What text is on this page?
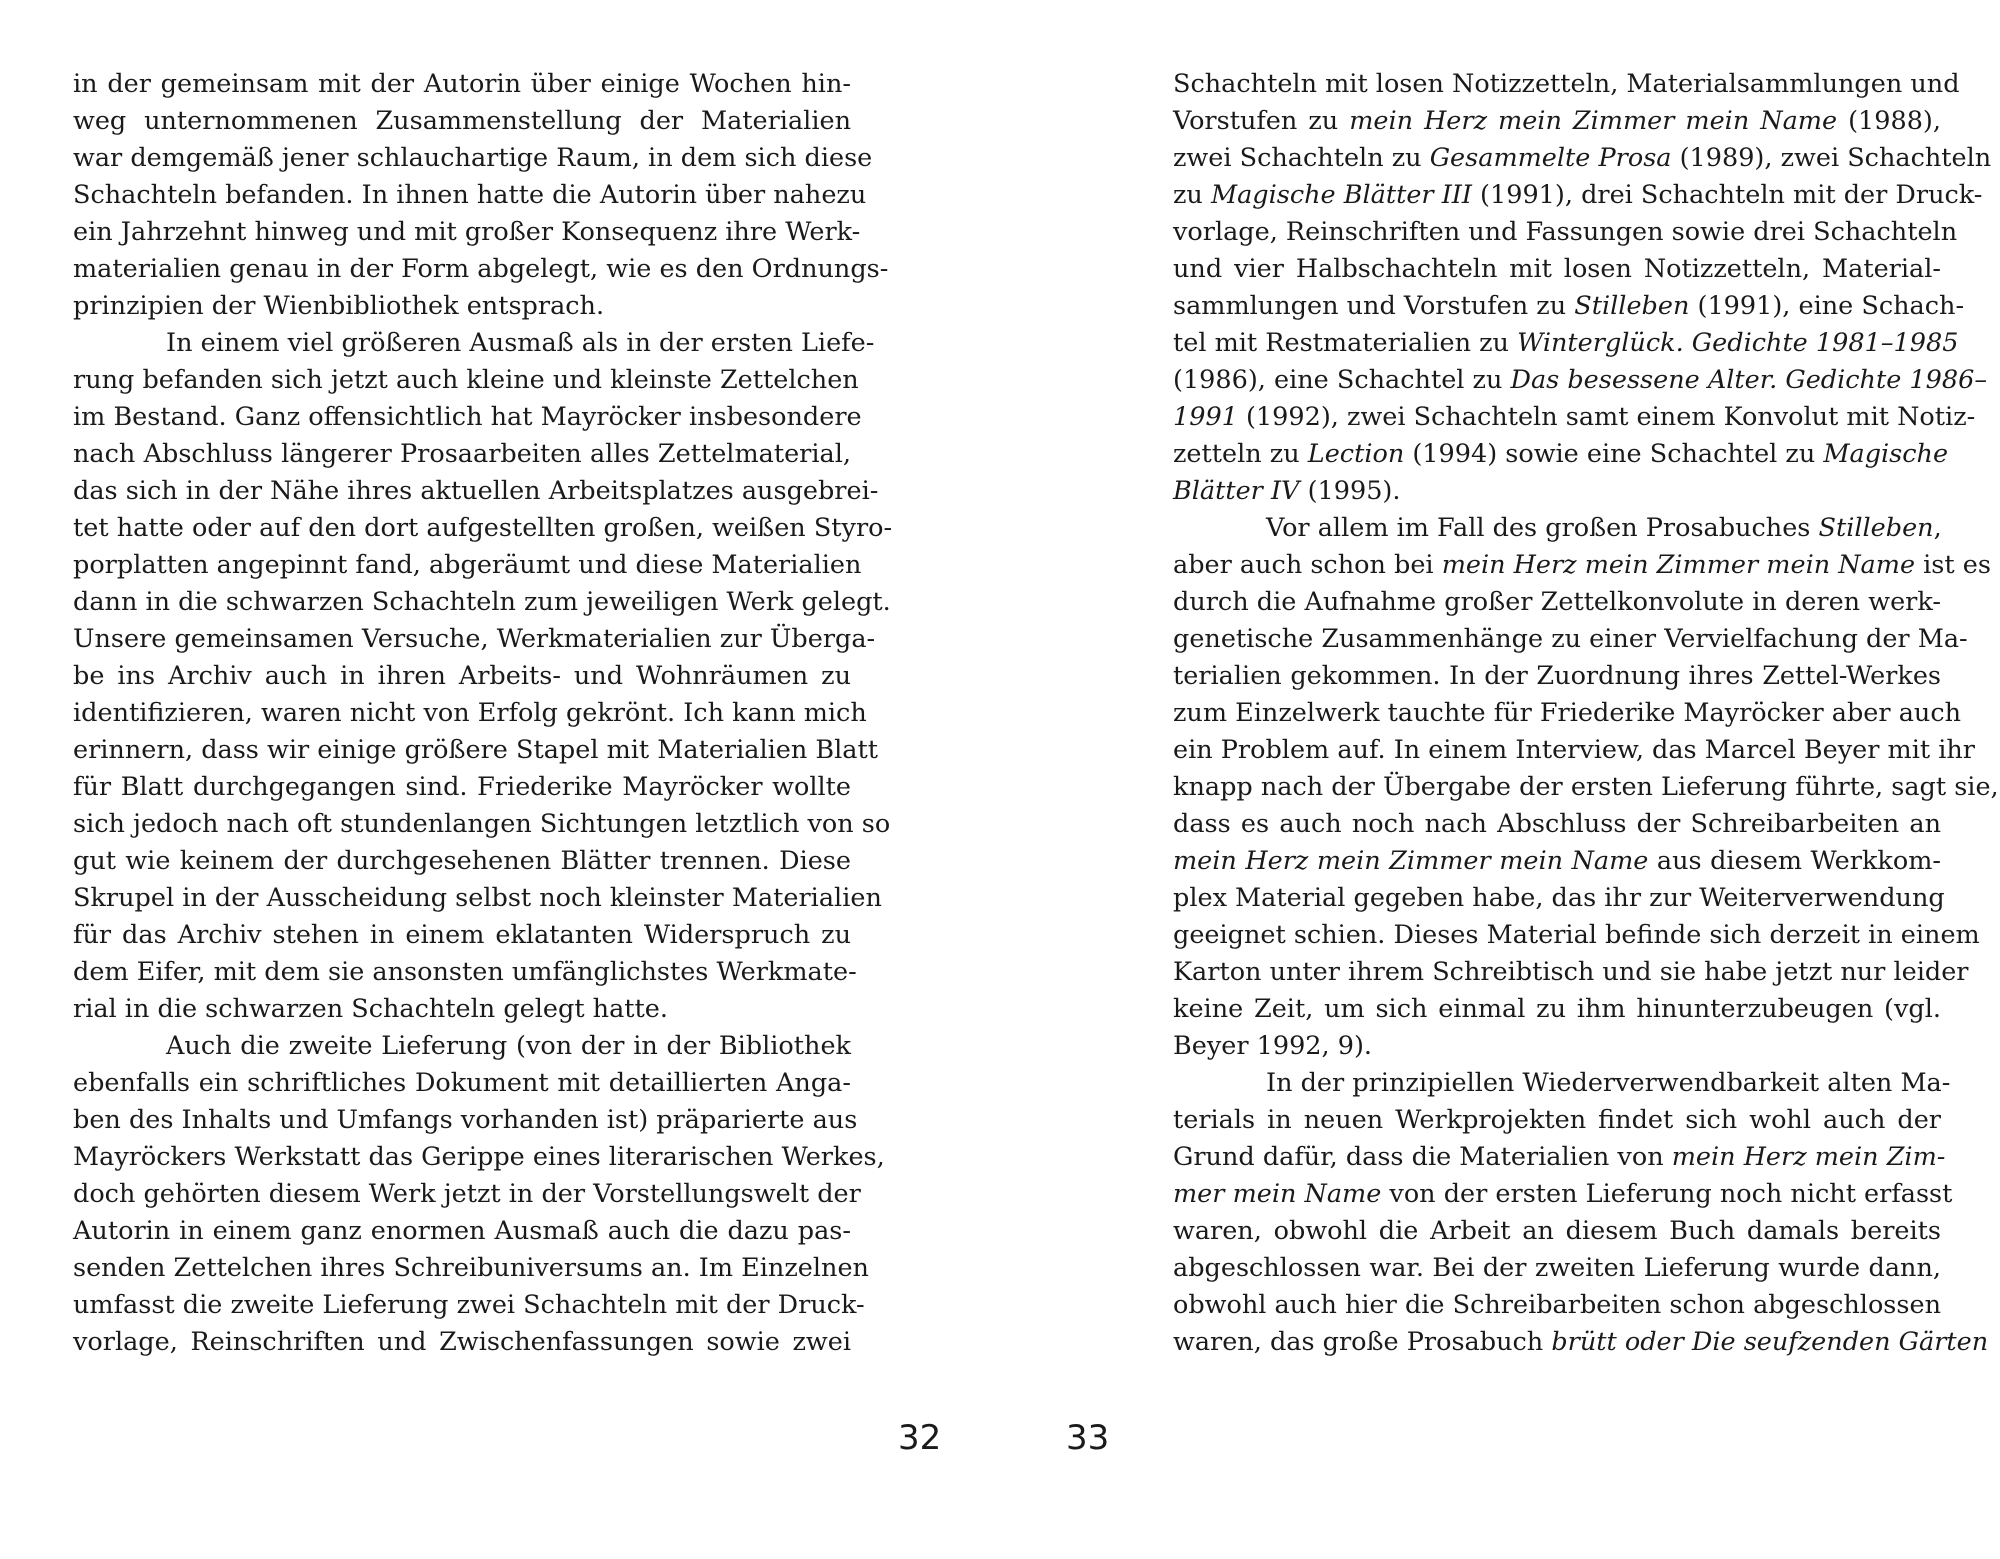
in der gemeinsam mit der Autorin über einige Wochen hin-
weg unternommenen Zusammenstellung der Materialien
war demgemäß jener schlauchartige Raum, in dem sich diese
Schachteln befanden. In ihnen hatte die Autorin über nahezu
ein Jahrzehnt hinweg und mit großer Konsequenz ihre Werk-
materialien genau in der Form abgelegt, wie es den Ordnungs-
prinzipien der Wienbibliothek entsprach.
In einem viel größeren Ausmaß als in der ersten Liefe-
rung befanden sich jetzt auch kleine und kleinste Zettelchen
im Bestand. Ganz offensichtlich hat Mayröcker insbesondere
nach Abschluss längerer Prosaarbeiten alles Zettelmaterial,
das sich in der Nähe ihres aktuellen Arbeitsplatzes ausgebrei-
tet hatte oder auf den dort aufgestellten großen, weißen Styro-
porplatten angepinnt fand, abgeräumt und diese Materialien
dann in die schwarzen Schachteln zum jeweiligen Werk gelegt.
Unsere gemeinsamen Versuche, Werkmaterialien zur Überga-
be ins Archiv auch in ihren Arbeits- und Wohnräumen zu
identifizieren, waren nicht von Erfolg gekrönt. Ich kann mich
erinnern, dass wir einige größere Stapel mit Materialien Blatt
für Blatt durchgegangen sind. Friederike Mayröcker wollte
sich jedoch nach oft stundenlangen Sichtungen letztlich von so
gut wie keinem der durchgesehenen Blätter trennen. Diese
Skrupel in der Ausscheidung selbst noch kleinster Materialien
für das Archiv stehen in einem eklatanten Widerspruch zu
dem Eifer, mit dem sie ansonsten umfänglichstes Werkmate-
rial in die schwarzen Schachteln gelegt hatte.
Auch die zweite Lieferung (von der in der Bibliothek
ebenfalls ein schriftliches Dokument mit detaillierten Anga-
ben des Inhalts und Umfangs vorhanden ist) präparierte aus
Mayröckers Werkstatt das Gerippe eines literarischen Werkes,
doch gehörten diesem Werk jetzt in der Vorstellungswelt der
Autorin in einem ganz enormen Ausmaß auch die dazu pas-
senden Zettelchen ihres Schreibuniversums an. Im Einzelnen
umfasst die zweite Lieferung zwei Schachteln mit der Druck-
vorlage, Reinschriften und Zwischenfassungen sowie zwei
Schachteln mit losen Notizzetteln, Materialsammlungen und
Vorstufen zu mein Herz mein Zimmer mein Name (1988),
zwei Schachteln zu Gesammelte Prosa (1989), zwei Schachteln
zu Magische Blätter III (1991), drei Schachteln mit der Druck-
vorlage, Reinschriften und Fassungen sowie drei Schachteln
und vier Halbschachteln mit losen Notizzetteln, Material-
sammlungen und Vorstufen zu Stilleben (1991), eine Schach-
tel mit Restmaterialien zu Winterglück. Gedichte 1981–1985
(1986), eine Schachtel zu Das besessene Alter. Gedichte 1986–
1991 (1992), zwei Schachteln samt einem Konvolut mit Notiz-
zetteln zu Lection (1994) sowie eine Schachtel zu Magische
Blätter IV (1995).
Vor allem im Fall des großen Prosabuches Stilleben,
aber auch schon bei mein Herz mein Zimmer mein Name ist es
durch die Aufnahme großer Zettelkonvolute in deren werk-
genetische Zusammenhänge zu einer Vervielfachung der Ma-
terialien gekommen. In der Zuordnung ihres Zettel-Werkes
zum Einzelwerk tauchte für Friederike Mayröcker aber auch
ein Problem auf. In einem Interview, das Marcel Beyer mit ihr
knapp nach der Übergabe der ersten Lieferung führte, sagt sie,
dass es auch noch nach Abschluss der Schreibarbeiten an
mein Herz mein Zimmer mein Name aus diesem Werkkom-
plex Material gegeben habe, das ihr zur Weiterverwendung
geeignet schien. Dieses Material befinde sich derzeit in einem
Karton unter ihrem Schreibtisch und sie habe jetzt nur leider
keine Zeit, um sich einmal zu ihm hinunterzubeugen (vgl.
Beyer 1992, 9).
In der prinzipiellen Wiederverwendbarkeit alten Ma-
terials in neuen Werkprojekten findet sich wohl auch der
Grund dafür, dass die Materialien von mein Herz mein Zim-
mer mein Name von der ersten Lieferung noch nicht erfasst
waren, obwohl die Arbeit an diesem Buch damals bereits
abgeschlossen war. Bei der zweiten Lieferung wurde dann,
obwohl auch hier die Schreibarbeiten schon abgeschlossen
waren, das große Prosabuch brütt oder Die seufzenden Gärten
32	33
